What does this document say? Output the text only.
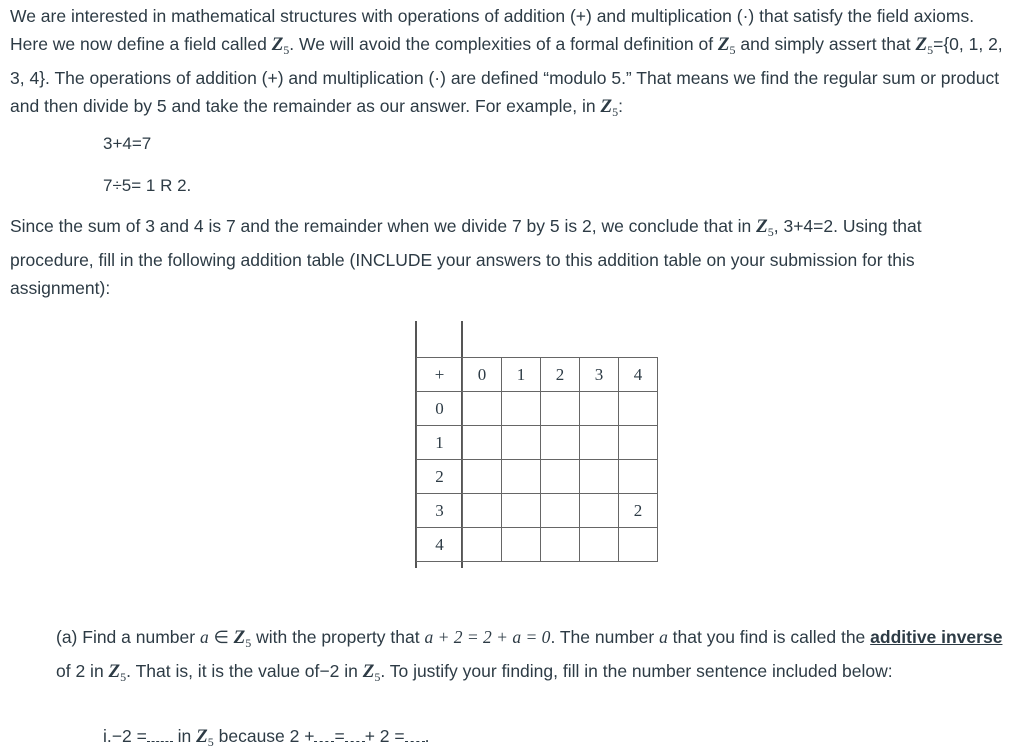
We are interested in mathematical structures with operations of addition (+) and multiplication (·) that satisfy the field axioms. Here we now define a field called $Z_5$. We will avoid the complexities of a formal definition of $Z_5$ and simply assert that $Z_5=\{0$, 1, 2, 3, 4}. The operations of addition (+) and multiplication (·) are defined “modulo 5.” That means we find the regular sum or product and then divide by 5 and take the remainder as our answer. For example, in $Z_5$:
3+4=7
7÷5= 1 R 2.
Since the sum of 3 and 4 is 7 and the remainder when we divide 7 by 5 is 2, we conclude that in $Z_5$, 3+4=2. Using that procedure, fill in the following addition table (INCLUDE your answers to this addition table on your submission for this assignment):
+	0	1	2	3	4
0					
1					
2					
3					2
4					
(a) Find a number a ∈ $Z_5$ with the property that a + 2 = 2 + a = 0. The number a that you find is called the additive inverse of 2 in $Z_5$. That is, it is the value of−2 in $Z_5$. To justify your finding, fill in the number sentence included below:
i.−2 = in $Z_5$ because 2 + = + 2 = .
